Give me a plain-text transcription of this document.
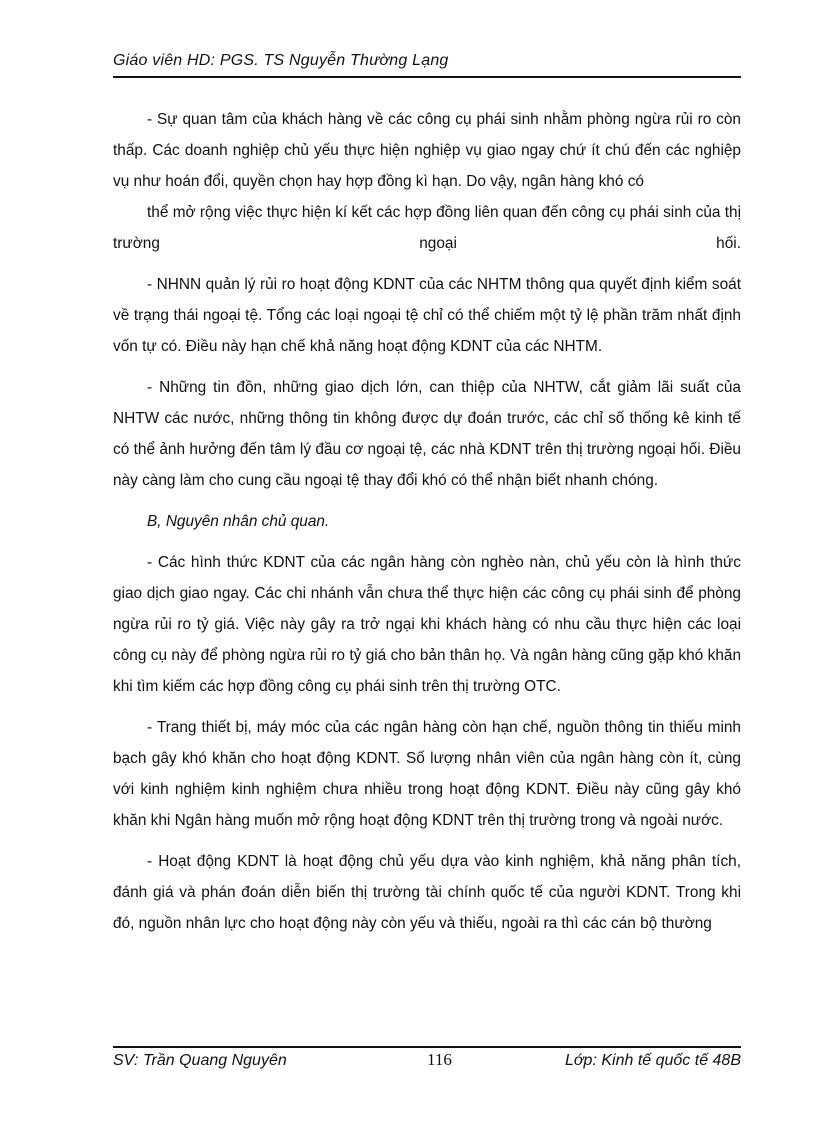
Giáo viên HD: PGS. TS Nguyễn Thường Lạng

- Sự quan tâm của khách hàng về các công cụ phái sinh nhằm phòng ngừa rủi ro còn thấp. Các doanh nghiệp chủ yếu thực hiện nghiệp vụ giao ngay chứ ít chú đến các nghiệp vụ như hoán đổi, quyền chọn hay hợp đồng kì hạn. Do vậy, ngân hàng khó có

thể mở rộng việc thực hiện kí kết các hợp đồng liên quan đến công cụ phái sinh của thị trường ngoại hối.

- NHNN quản lý rủi ro hoạt động KDNT của các NHTM thông qua quyết định kiểm soát về trạng thái ngoại tệ. Tổng các loại ngoại tệ chỉ có thể chiếm một tỷ lệ phần trăm nhất định vốn tự có. Điều này hạn chế khả năng hoạt động KDNT của các NHTM.

- Những tin đồn, những giao dịch lớn, can thiệp của NHTW, cắt giảm lãi suất của NHTW các nước, những thông tin không được dự đoán trước, các chỉ số thống kê kinh tế có thể ảnh hưởng đến tâm lý đầu cơ ngoại tệ, các nhà KDNT trên thị trường ngoại hối. Điều này càng làm cho cung cầu ngoại tệ thay đổi khó có thể nhận biết nhanh chóng.

B, Nguyên nhân chủ quan.

- Các hình thức KDNT của các ngân hàng còn nghèo nàn, chủ yếu còn là hình thức giao dịch giao ngay. Các chi nhánh vẫn chưa thể thực hiện các công cụ phái sinh để phòng ngừa rủi ro tỷ giá. Việc này gây ra trở ngại khi khách hàng có nhu cầu thực hiện các loại công cụ này để phòng ngừa rủi ro tỷ giá cho bản thân họ. Và ngân hàng cũng gặp khó khăn khi tìm kiếm các hợp đồng công cụ phái sinh trên thị trường OTC.

- Trang thiết bị, máy móc của các ngân hàng còn hạn chế, nguồn thông tin thiếu minh bạch gây khó khăn cho hoạt động KDNT. Số lượng nhân viên của ngân hàng còn ít, cùng với kinh nghiệm kinh nghiệm chưa nhiều trong hoạt động KDNT. Điều này cũng gây khó khăn khi Ngân hàng muốn mở rộng hoạt động KDNT trên thị trường trong và ngoài nước.

- Hoạt động KDNT là hoạt động chủ yếu dựa vào kinh nghiệm, khả năng phân tích, đánh giá và phán đoán diễn biến thị trường tài chính quốc tế của người KDNT. Trong khi đó, nguồn nhân lực cho hoạt động này còn yếu và thiếu, ngoài ra thì các cán bộ thường

SV: Trần Quang Nguyên	116	Lớp: Kinh tế quốc tế 48B
